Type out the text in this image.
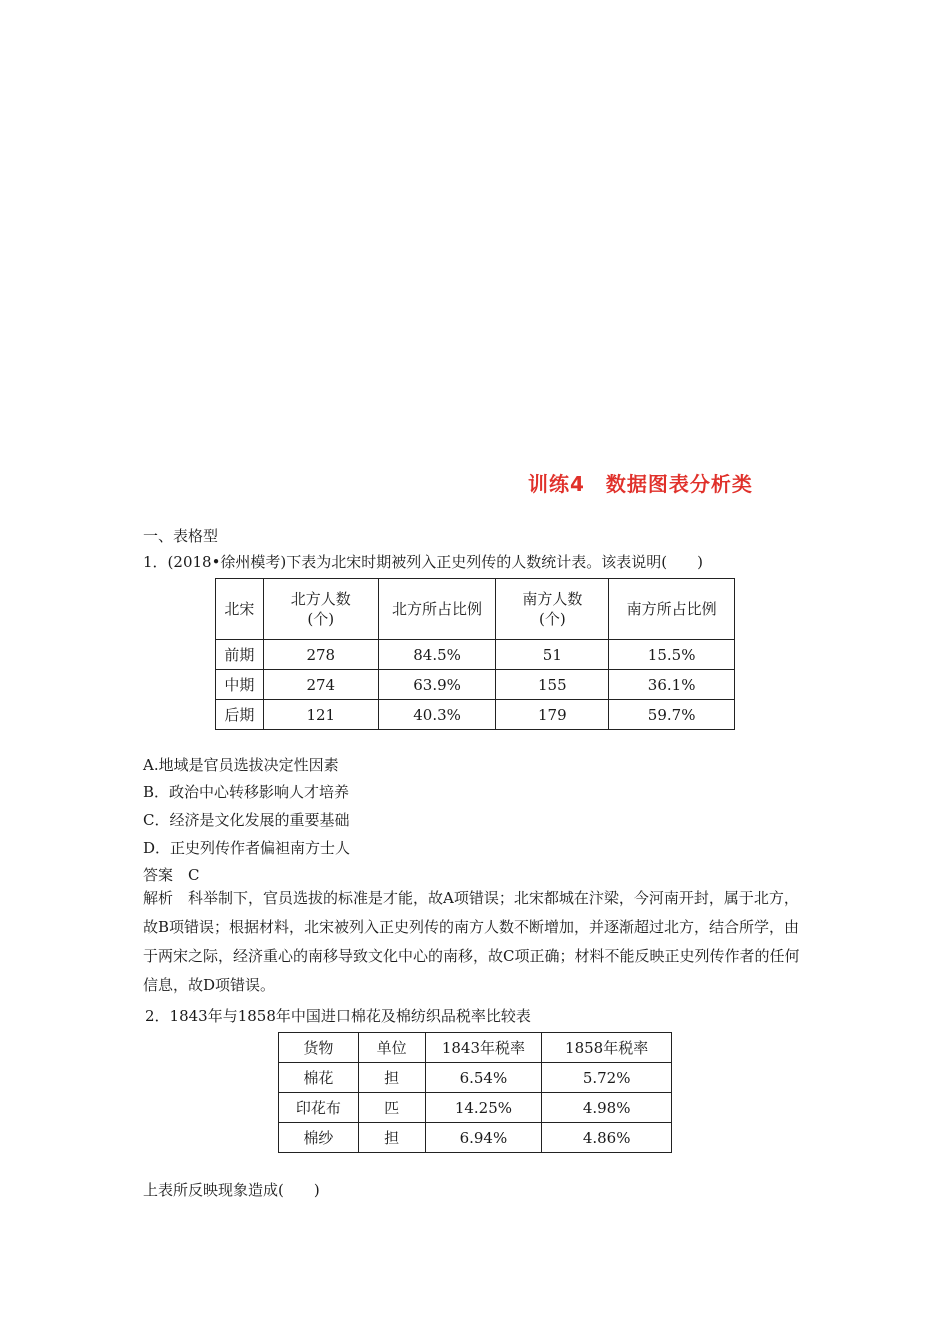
训练4　数据图表分析类
一、表格型
1．(2018•徐州模考)下表为北宋时期被列入正史列传的人数统计表。该表说明(　　)
北宋	北方人数(个)	北方所占比例	南方人数(个)	南方所占比例
前期	278	84.5%	51	15.5%
中期	274	63.9%	155	36.1%
后期	121	40.3%	179	59.7%
A.地域是官员选拔决定性因素
B．政治中心转移影响人才培养
C．经济是文化发展的重要基础
D．正史列传作者偏袒南方士人
答案　C
解析　科举制下，官员选拔的标准是才能，故A项错误；北宋都城在汴梁，今河南开封，属于北方，故B项错误；根据材料，北宋被列入正史列传的南方人数不断增加，并逐渐超过北方，结合所学，由于两宋之际，经济重心的南移导致文化中心的南移，故C项正确；材料不能反映正史列传作者的任何信息，故D项错误。
2．1843年与1858年中国进口棉花及棉纺织品税率比较表
货物	单位	1843年税率	1858年税率
棉花	担	6.54%	5.72%
印花布	匹	14.25%	4.98%
棉纱	担	6.94%	4.86%
上表所反映现象造成(　　)
